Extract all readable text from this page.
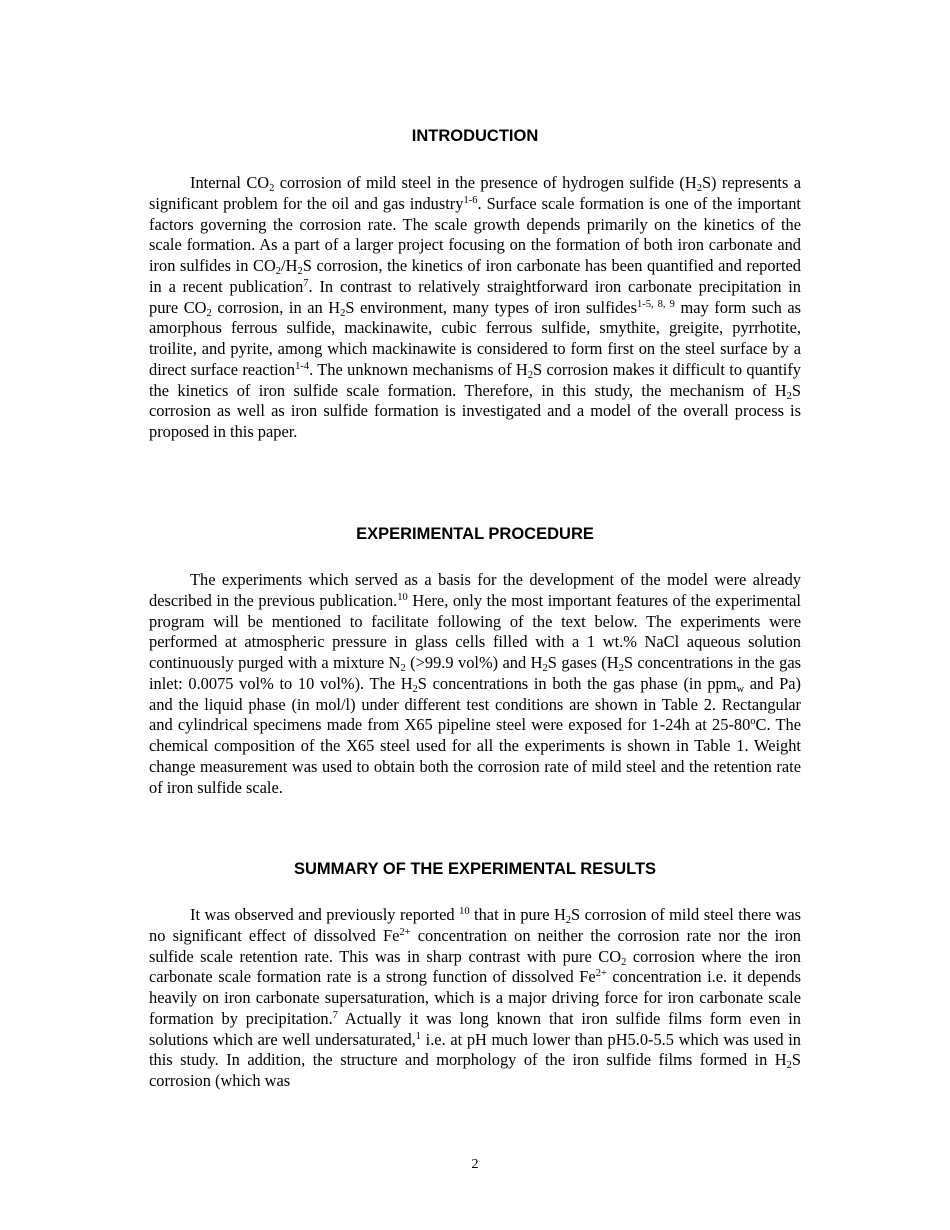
INTRODUCTION

Internal $CO_2$ corrosion of mild steel in the presence of hydrogen sulfide $(H_2S)$ represents a significant problem for the oil and gas industry$^{1-6}$. Surface scale formation is one of the important factors governing the corrosion rate. The scale growth depends primarily on the kinetics of the scale formation. As a part of a larger project focusing on the formation of both iron carbonate and iron sulfides in $CO_2/H_2S$ corrosion, the kinetics of iron carbonate has been quantified and reported in a recent publication$^7$. In contrast to relatively straightforward iron carbonate precipitation in pure $CO_2$ corrosion, in an $H_2S$ environment, many types of iron sulfides$^{1-5, 8, 9}$ may form such as amorphous ferrous sulfide, mackinawite, cubic ferrous sulfide, smythite, greigite, pyrrhotite, troilite, and pyrite, among which mackinawite is considered to form first on the steel surface by a direct surface reaction$^{1-4}$. The unknown mechanisms of $H_2S$ corrosion makes it difficult to quantify the kinetics of iron sulfide scale formation. Therefore, in this study, the mechanism of $H_2S$ corrosion as well as iron sulfide formation is investigated and a model of the overall process is proposed in this paper.

EXPERIMENTAL PROCEDURE

The experiments which served as a basis for the development of the model were already described in the previous publication.$^{10}$ Here, only the most important features of the experimental program will be mentioned to facilitate following of the text below. The experiments were performed at atmospheric pressure in glass cells filled with a 1 wt.% NaCl aqueous solution continuously purged with a mixture $N_2$ (>99.9 vol%) and $H_2S$ gases ($H_2S$ concentrations in the gas inlet: 0.0075 vol% to 10 vol%). The $H_2S$ concentrations in both the gas phase (in ppm$_w$ and Pa) and the liquid phase (in mol/l) under different test conditions are shown in Table 2. Rectangular and cylindrical specimens made from X65 pipeline steel were exposed for 1-24h at 25-80$^o$C. The chemical composition of the X65 steel used for all the experiments is shown in Table 1. Weight change measurement was used to obtain both the corrosion rate of mild steel and the retention rate of iron sulfide scale.

SUMMARY OF THE EXPERIMENTAL RESULTS

It was observed and previously reported $^{10}$ that in pure $H_2S$ corrosion of mild steel there was no significant effect of dissolved $Fe^{2+}$ concentration on neither the corrosion rate nor the iron sulfide scale retention rate. This was in sharp contrast with pure $CO_2$ corrosion where the iron carbonate scale formation rate is a strong function of dissolved $Fe^{2+}$ concentration i.e. it depends heavily on iron carbonate supersaturation, which is a major driving force for iron carbonate scale formation by precipitation.$^7$ Actually it was long known that iron sulfide films form even in solutions which are well undersaturated,$^1$ i.e. at pH much lower than pH5.0-5.5 which was used in this study. In addition, the structure and morphology of the iron sulfide films formed in $H_2S$ corrosion (which was

2
